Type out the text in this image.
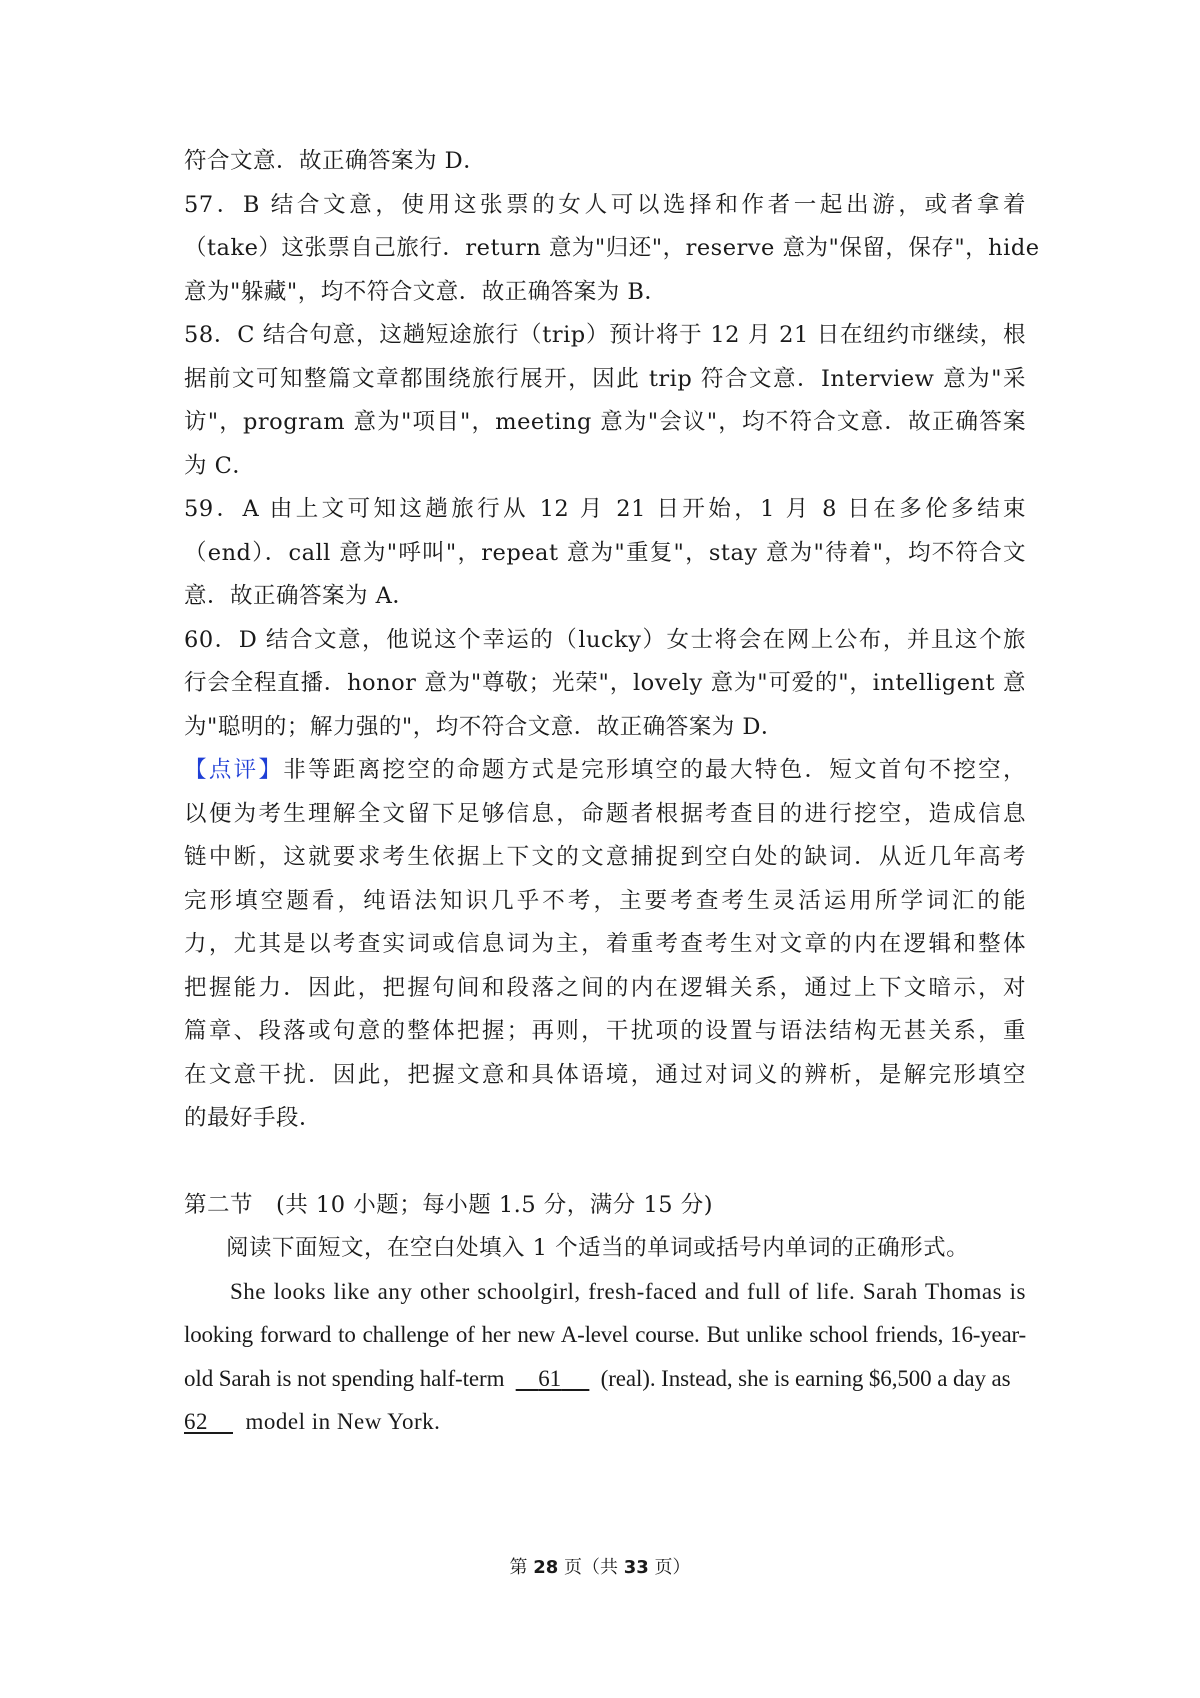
符合文意．故正确答案为 D．
57．B 结合文意，使用这张票的女人可以选择和作者一起出游，或者拿着
（take）这张票自己旅行．return 意为"归还"，reserve 意为"保留，保存"，hide
意为"躲藏"，均不符合文意．故正确答案为 B．
58．C 结合句意，这趟短途旅行（trip）预计将于 12 月 21 日在纽约市继续，根
据前文可知整篇文章都围绕旅行展开，因此 trip 符合文意．Interview 意为"采
访"，program 意为"项目"，meeting 意为"会议"，均不符合文意．故正确答案
为 C．
59．A 由上文可知这趟旅行从 12 月 21 日开始，1 月 8 日在多伦多结束
（end）．call 意为"呼叫"，repeat 意为"重复"，stay 意为"待着"，均不符合文
意．故正确答案为 A．
60．D 结合文意，他说这个幸运的（lucky）女士将会在网上公布，并且这个旅
行会全程直播．honor 意为"尊敬；光荣"，lovely 意为"可爱的"，intelligent 意
为"聪明的；解力强的"，均不符合文意．故正确答案为 D．
【点评】非等距离挖空的命题方式是完形填空的最大特色．短文首句不挖空，
以便为考生理解全文留下足够信息，命题者根据考查目的进行挖空，造成信息
链中断，这就要求考生依据上下文的文意捕捉到空白处的缺词．从近几年高考
完形填空题看，纯语法知识几乎不考，主要考查考生灵活运用所学词汇的能
力，尤其是以考查实词或信息词为主，着重考查考生对文章的内在逻辑和整体
把握能力．因此，把握句间和段落之间的内在逻辑关系，通过上下文暗示，对
篇章、段落或句意的整体把握；再则，干扰项的设置与语法结构无甚关系，重
在文意干扰．因此，把握文意和具体语境，通过对词义的辨析，是解完形填空
的最好手段．
第二节　(共 10 小题；每小题 1.5 分，满分 15 分)
阅读下面短文，在空白处填入 1 个适当的单词或括号内单词的正确形式。
She looks like any other schoolgirl, fresh-faced and full of life. Sarah Thomas is
looking forward to challenge of her new A-level course. But unlike school friends, 16-year-
old Sarah is not spending half-term 61 (real). Instead, she is earning $6,500 a day as
62 model in New York.
第 28 页（共 33 页）
